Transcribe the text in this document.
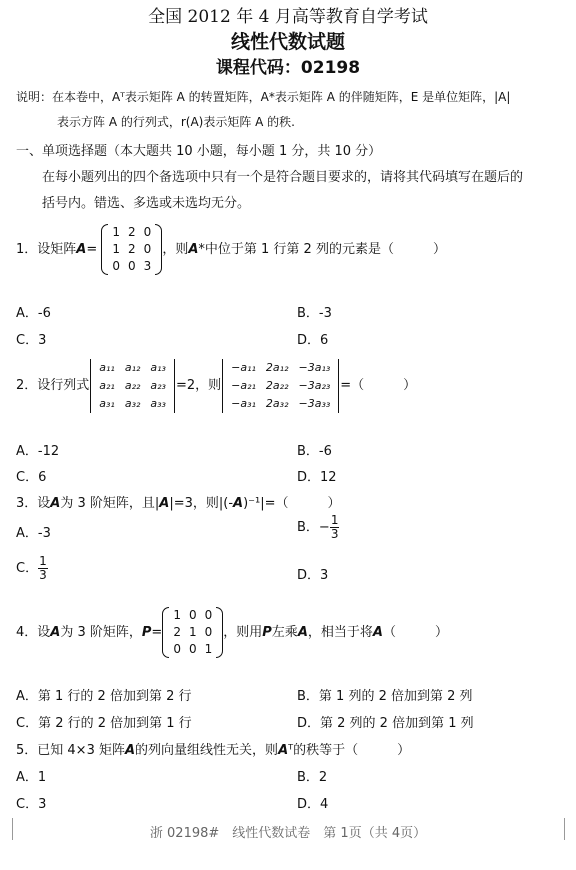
全国 2012 年 4 月高等教育自学考试
线性代数试题
课程代码：02198
说明：在本卷中，Aᵀ表示矩阵 A 的转置矩阵，A*表示矩阵 A 的伴随矩阵，E 是单位矩阵，|A|
表示方阵 A 的行列式，r(A)表示矩阵 A 的秩.
一、单项选择题（本大题共 10 小题，每小题 1 分，共 10 分）
在每小题列出的四个备选项中只有一个是符合题目要求的，请将其代码填写在题后的
括号内。错选、多选或未选均无分。
1．设矩阵A=
1	2	0
1	2	0
0	0	3
，则A*中位于第 1 行第 2 列的元素是（　　　）
A．-6	B．-3
C．3	D．6
2．设行列式
a₁₁	a₁₂	a₁₃
a₂₁	a₂₂	a₂₃
a₃₁	a₃₂	a₃₃
=2，则
−a₁₁	2a₁₂	−3a₁₃
−a₂₁	2a₂₂	−3a₂₃
−a₃₁	2a₃₂	−3a₃₃
=（　　　）
A．-12	B．-6
C．6	D．12
3．设A为 3 阶矩阵，且|A|=3，则|(-A)⁻¹|=（　　　）
A．-3	B．− $\frac{1}{3}$
C． $\frac{1}{3}$	D．3
4．设A为 3 阶矩阵，P=
1	0	0
2	1	0
0	0	1
，则用P左乘A，相当于将A（　　　）
A．第 1 行的 2 倍加到第 2 行	B．第 1 列的 2 倍加到第 2 列
C．第 2 行的 2 倍加到第 1 行	D．第 2 列的 2 倍加到第 1 列
5．已知 4×3 矩阵A的列向量组线性无关，则Aᵀ的秩等于（　　　）
A．1	B．2
C．3	D．4
浙 02198#　线性代数试卷　第 1页（共 4页）
